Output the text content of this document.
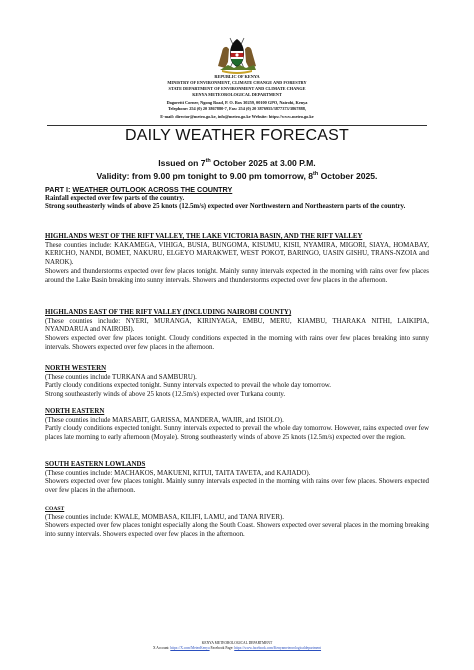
REPUBLIC OF KENYA
MINISTRY OF ENVIRONMENT, CLIMATE CHANGE AND FORESTRY
STATE DEPARTMENT OF ENVIRONMENT AND CLIMATE CHANGE
KENYA METEOROLOGICAL DEPARTMENT
Dagoretti Corner, Ngong Road, P. O. Box 30259, 00100 GPO, Nairobi, Kenya
Telephone: 254 (0) 20 3867880-7, Fax: 254 (0) 20 3876955/3877373/3867888,
E-mail: director@meteo.go.ke, info@meteo.go.ke Website: https://www.meteo.go.ke
DAILY WEATHER FORECAST
Issued on 7th October 2025 at 3.00 P.M.
Validity: from 9.00 pm tonight to 9.00 pm tomorrow, 8th October 2025.
PART I: WEATHER OUTLOOK ACROSS THE COUNTRY
Rainfall expected over few parts of the country.
Strong southeasterly winds of above 25 knots (12.5m/s) expected over Northwestern and Northeastern parts of the country.
HIGHLANDS WEST OF THE RIFT VALLEY, THE LAKE VICTORIA BASIN, AND THE RIFT VALLEY
These counties include: KAKAMEGA, VIHIGA, BUSIA, BUNGOMA, KISUMU, KISII, NYAMIRA, MIGORI, SIAYA, HOMABAY, KERICHO, NANDI, BOMET, NAKURU, ELGEYO MARAKWET, WEST POKOT, BARINGO, UASIN GISHU, TRANS-NZOIA and NAROK).
Showers and thunderstorms expected over few places tonight. Mainly sunny intervals expected in the morning with rains over few places around the Lake Basin breaking into sunny intervals. Showers and thunderstorms expected over few places in the afternoon.
HIGHLANDS EAST OF THE RIFT VALLEY (INCLUDING NAIROBI COUNTY)
(These counties include: NYERI, MURANGA, KIRINYAGA, EMBU, MERU, KIAMBU, THARAKA NITHI, LAIKIPIA, NYANDARUA and NAIROBI).
Showers expected over few places tonight. Cloudy conditions expected in the morning with rains over few places breaking into sunny intervals. Showers expected over few places in the afternoon.
NORTH WESTERN
(These counties include TURKANA and SAMBURU).
Partly cloudy conditions expected tonight. Sunny intervals expected to prevail the whole day tomorrow.
Strong southeasterly winds of above 25 knots (12.5m/s) expected over Turkana county.
NORTH EASTERN
(These counties include MARSABIT, GARISSA, MANDERA, WAJIR, and ISIOLO).
Partly cloudy conditions expected tonight. Sunny intervals expected to prevail the whole day tomorrow. However, rains expected over few places late morning to early afternoon (Moyale). Strong southeasterly winds of above 25 knots (12.5m/s) expected over the region.
SOUTH EASTERN LOWLANDS
(These counties include: MACHAKOS, MAKUENI, KITUI, TAITA TAVETA, and KAJIADO).
Showers expected over few places tonight. Mainly sunny intervals expected in the morning with rains over few places. Showers expected over few places in the afternoon.
COAST
(These counties include: KWALE, MOMBASA, KILIFI, LAMU, and TANA RIVER).
Showers expected over few places tonight especially along the South Coast. Showers expected over several places in the morning breaking into sunny intervals. Showers expected over few places in the afternoon.
KENYA METEOROLOGICAL DEPARTMENT
X Account: https://X.com/MeteoKenya Facebook Page: https://www.facebook.com/Kenyameteorologicaldepartment
